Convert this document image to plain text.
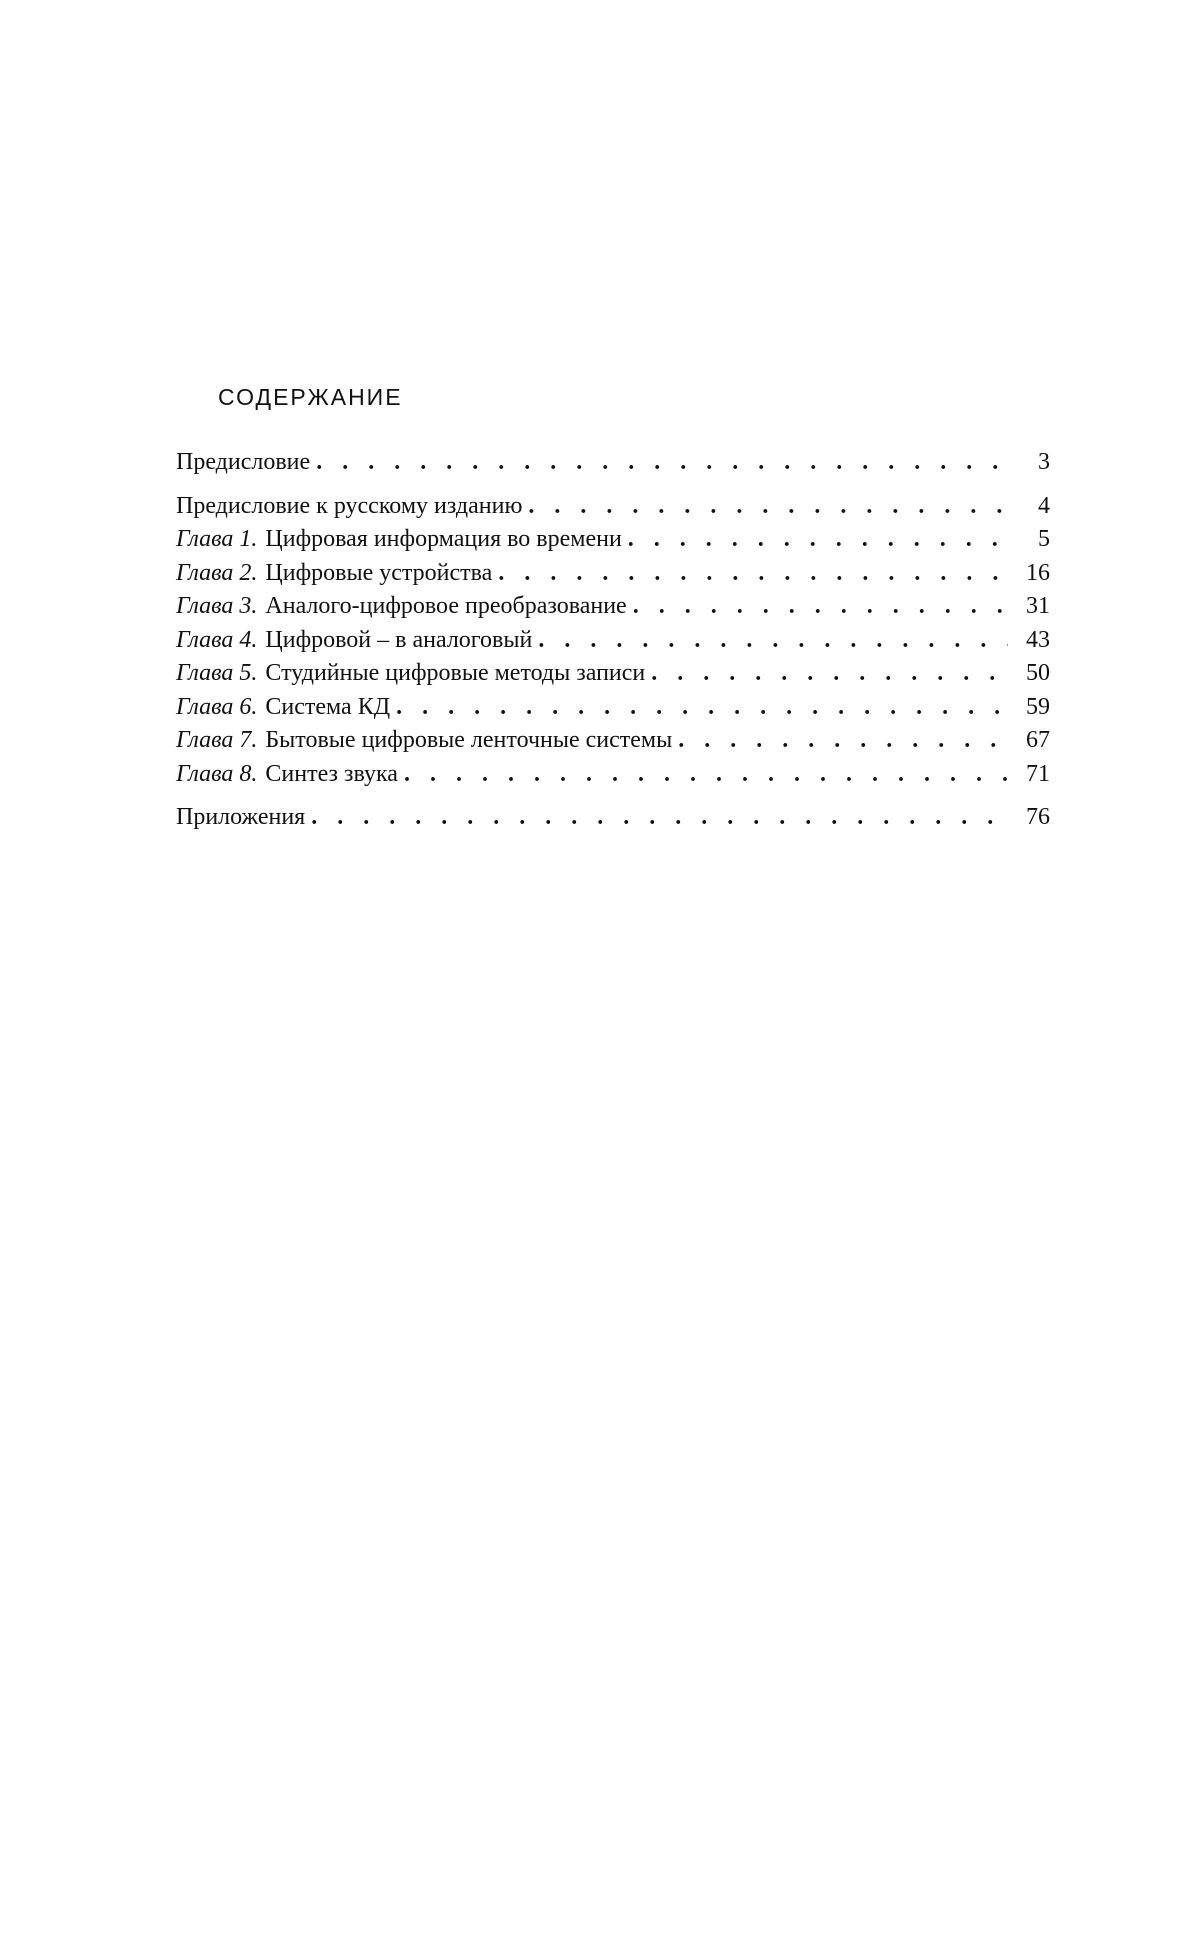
СОДЕРЖАНИЕ
Предисловие . . .	3
Предисловие к русскому изданию . . .	4
Глава 1. Цифровая информация во времени . . .	5
Глава 2. Цифровые устройства . . .	16
Глава 3. Аналого-цифровое преобразование . . .	31
Глава 4. Цифровой – в аналоговый . . .	43
Глава 5. Студийные цифровые методы записи . . .	50
Глава 6. Система КД . . .	59
Глава 7. Бытовые цифровые ленточные системы . . .	67
Глава 8. Синтез звука . . .	71
Приложения . . .	76
